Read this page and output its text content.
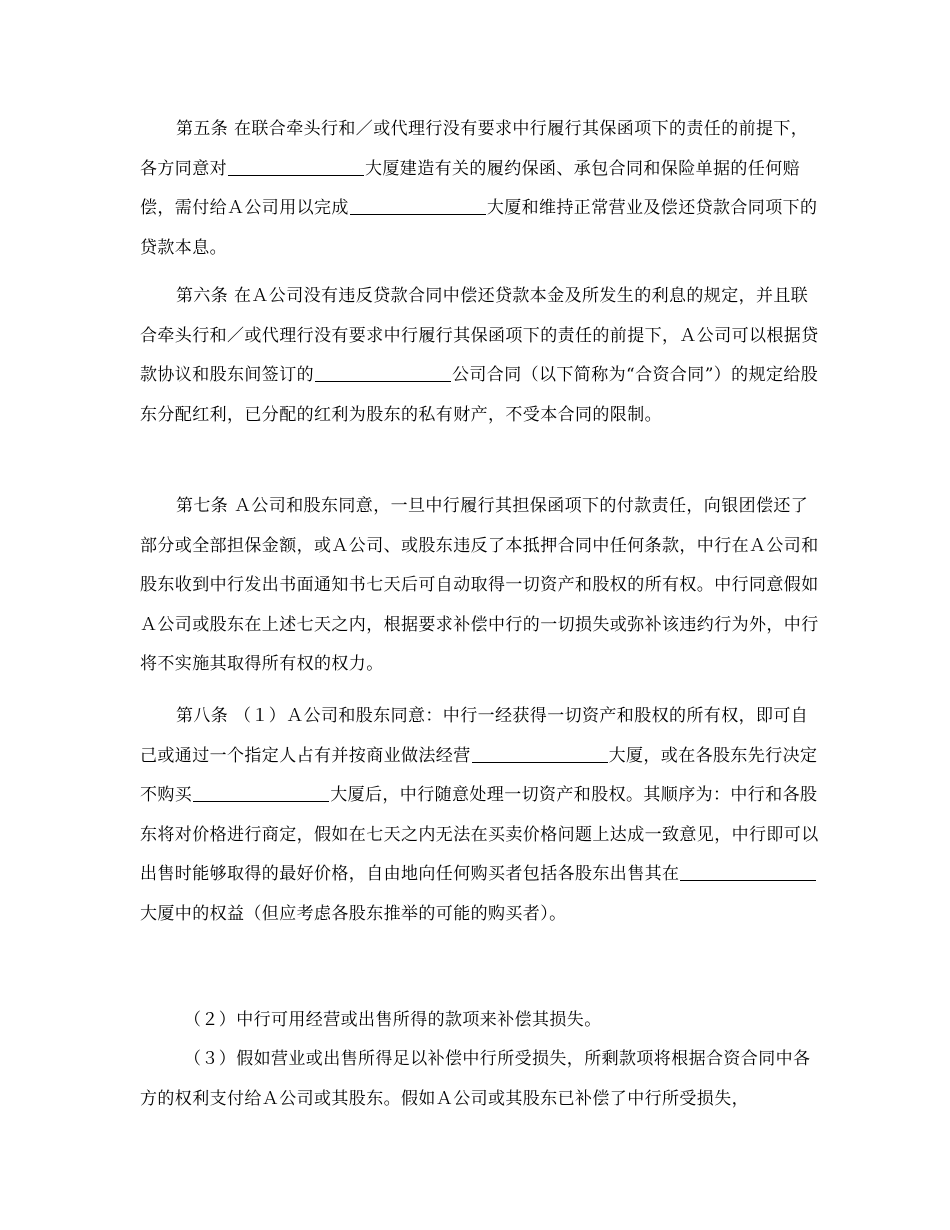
第五条 在联合牵头行和／或代理行没有要求中行履行其保函项下的责任的前提下，各方同意对	大厦建造有关的履约保函、承包合同和保险单据的任何赔偿，需付给Ａ公司用以完成	大厦和维持正常营业及偿还贷款合同项下的贷款本息。

第六条 在Ａ公司没有违反贷款合同中偿还贷款本金及所发生的利息的规定，并且联合牵头行和／或代理行没有要求中行履行其保函项下的责任的前提下，Ａ公司可以根据贷款协议和股东间签订的	公司合同（以下简称为“合资合同”）的规定给股东分配红利，已分配的红利为股东的私有财产，不受本合同的限制。

第七条 Ａ公司和股东同意，一旦中行履行其担保函项下的付款责任，向银团偿还了部分或全部担保金额，或Ａ公司、或股东违反了本抵押合同中任何条款，中行在Ａ公司和股东收到中行发出书面通知书七天后可自动取得一切资产和股权的所有权。中行同意假如Ａ公司或股东在上述七天之内，根据要求补偿中行的一切损失或弥补该违约行为外，中行将不实施其取得所有权的权力。

第八条 （１）Ａ公司和股东同意：中行一经获得一切资产和股权的所有权，即可自己或通过一个指定人占有并按商业做法经营	大厦，或在各股东先行决定不购买	大厦后，中行随意处理一切资产和股权。其顺序为：中行和各股东将对价格进行商定，假如在七天之内无法在买卖价格问题上达成一致意见，中行即可以出售时能够取得的最好价格，自由地向任何购买者包括各股东出售其在大厦中的权益（但应考虑各股东推举的可能的购买者）。

（２）中行可用经营或出售所得的款项来补偿其损失。

（３）假如营业或出售所得足以补偿中行所受损失，所剩款项将根据合资合同中各方的权利支付给Ａ公司或其股东。假如Ａ公司或其股东已补偿了中行所受损失，
